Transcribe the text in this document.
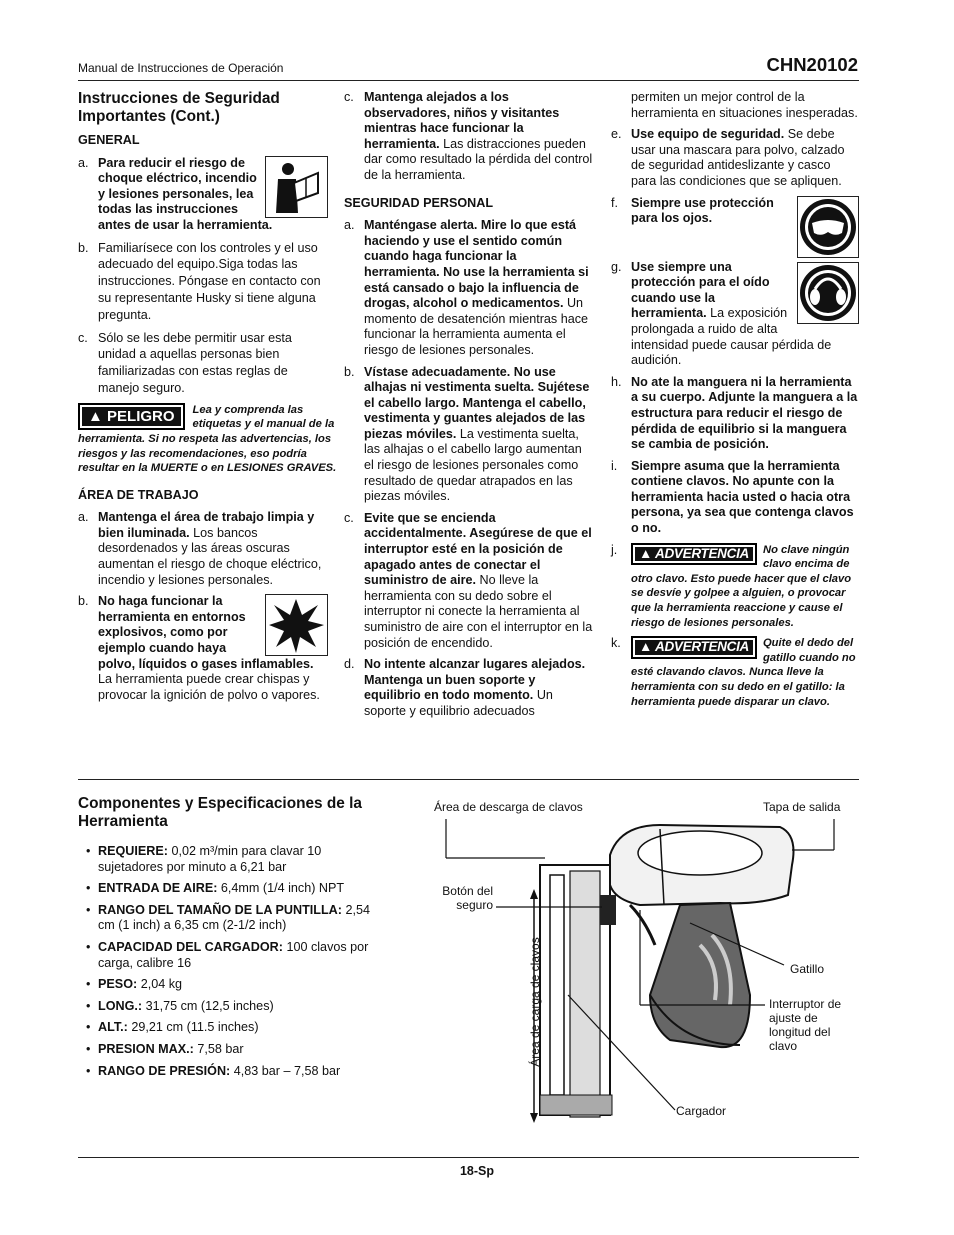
Manual de Instrucciones de Operación	CHN20102
Instrucciones de Seguridad Importantes (Cont.)
GENERAL
a. Para reducir el riesgo de choque eléctrico, incendio y lesiones personales, lea todas las instrucciones antes de usar la herramienta.
b. Familiarísece con los controles y el uso adecuado del equipo.Siga todas las instrucciones. Póngase en contacto con su representante Husky si tiene alguna pregunta.
c. Sólo se les debe permitir usar esta unidad a aquellas personas bien familiarizadas con estas reglas de manejo seguro.
▲ PELIGRO	Lea y comprenda las etiquetas y el manual de la herramienta. Si no respeta las advertencias, los riesgos y las recomendaciones, eso podría resultar en la MUERTE o en LESIONES GRAVES.
ÁREA DE TRABAJO
a. Mantenga el área de trabajo limpia y bien iluminada. Los bancos desordenados y las áreas oscuras aumentan el riesgo de choque eléctrico, incendio y lesiones personales.
b. No haga funcionar la herramienta en entornos explosivos, como por ejemplo cuando haya polvo, líquidos o gases inflamables. La herramienta puede crear chispas y provocar la ignición de polvo o vapores.
c. Mantenga alejados a los observadores, niños y visitantes mientras hace funcionar la herramienta. Las distracciones pueden dar como resultado la pérdida del control de la herramienta.
SEGURIDAD PERSONAL
a. Manténgase alerta. Mire lo que está haciendo y use el sentido común cuando haga funcionar la herramienta. No use la herramienta si está cansado o bajo la influencia de drogas, alcohol o medicamentos. Un momento de desatención mientras hace funcionar la herramienta aumenta el riesgo de lesiones personales.
b. Vístase adecuadamente. No use alhajas ni vestimenta suelta. Sujétese el cabello largo. Mantenga el cabello, vestimenta y guantes alejados de las piezas móviles. La vestimenta suelta, las alhajas o el cabello largo aumentan el riesgo de lesiones personales como resultado de quedar atrapados en las piezas móviles.
c. Evite que se encienda accidentalmente. Asegúrese de que el interruptor esté en la posición de apagado antes de conectar el suministro de aire. No lleve la herramienta con su dedo sobre el interruptor ni conecte la herramienta al suministro de aire con el interruptor en la posición de encendido.
d. No intente alcanzar lugares alejados. Mantenga un buen soporte y equilibrio en todo momento. Un soporte y equilibrio adecuados
permiten un mejor control de la herramienta en situaciones inesperadas.
e. Use equipo de seguridad. Se debe usar una mascara para polvo, calzado de seguridad antideslizante y casco para las condiciones que se apliquen.
f.	Siempre use protección para los ojos.
g. Use siempre una protección para el oído cuando use la herramienta. La exposición prolongada a ruido de alta intensidad puede causar pérdida de audición.
h. No ate la manguera ni la herramienta a su cuerpo. Adjunte la manguera a la estructura para reducir el riesgo de pérdida de equilibrio si la manguera se cambia de posición.
i.	Siempre asuma que la herramienta contiene clavos. No apunte con la herramienta hacia usted o hacia otra persona, ya sea que contenga clavos o no.
j.	▲ ADVERTENCIA	No clave ningún clavo encima de otro clavo. Esto puede hacer que el clavo se desvíe y golpee a alguien, o provocar que la herramienta reaccione y cause el riesgo de lesiones personales.
k.	▲ ADVERTENCIA	Quite el dedo del gatillo cuando no esté clavando clavos. Nunca lleve la herramienta con su dedo en el gatillo: la herramienta puede disparar un clavo.
Componentes y Especificaciones de la Herramienta
• REQUIERE: 0,02 m³/min para clavar 10 sujetadores por minuto a 6,21 bar
• ENTRADA DE AIRE: 6,4mm (1/4 inch) NPT
• RANGO DEL TAMAÑO DE LA PUNTILLA: 2,54 cm (1 inch) a 6,35 cm (2-1/2 inch)
• CAPACIDAD DEL CARGADOR: 100 clavos por carga, calibre 16
• PESO: 2,04 kg
• LONG.: 31,75 cm (12,5 inches)
• ALT.: 29,21 cm (11.5 inches)
• PRESION MAX.: 7,58 bar
• RANGO DE PRESIÓN: 4,83 bar – 7,58 bar
Área de descarga de clavos	Tapa de salida
Botón del seguro
Área de carga de clavos	Gatillo
Interruptor de ajuste de longitud del clavo
Cargador
18-Sp
